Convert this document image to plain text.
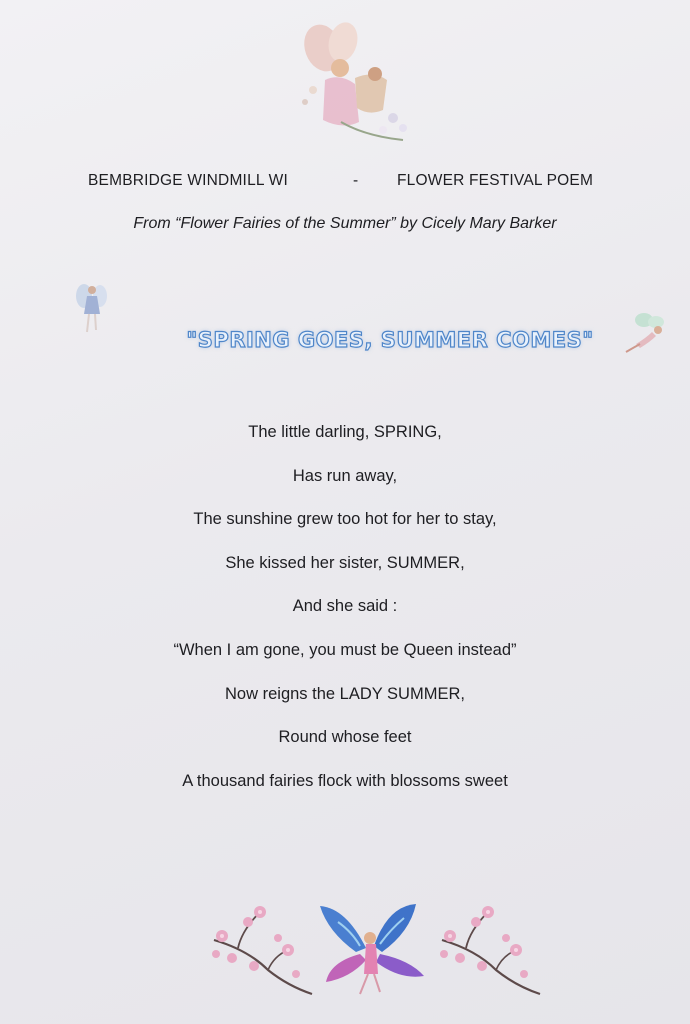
BEMBRIDGE WINDMILL WI	- FLOWER FESTIVAL POEM
From “Flower Fairies of the Summer” by Cicely Mary Barker
"SPRING GOES, SUMMER COMES"
The little darling, SPRING,
Has run away,
The sunshine grew too hot for her to stay,
She kissed her sister, SUMMER,
And she said :
“When I am gone, you must be Queen instead”
Now reigns the LADY SUMMER,
Round whose feet
A thousand fairies flock with blossoms sweet
